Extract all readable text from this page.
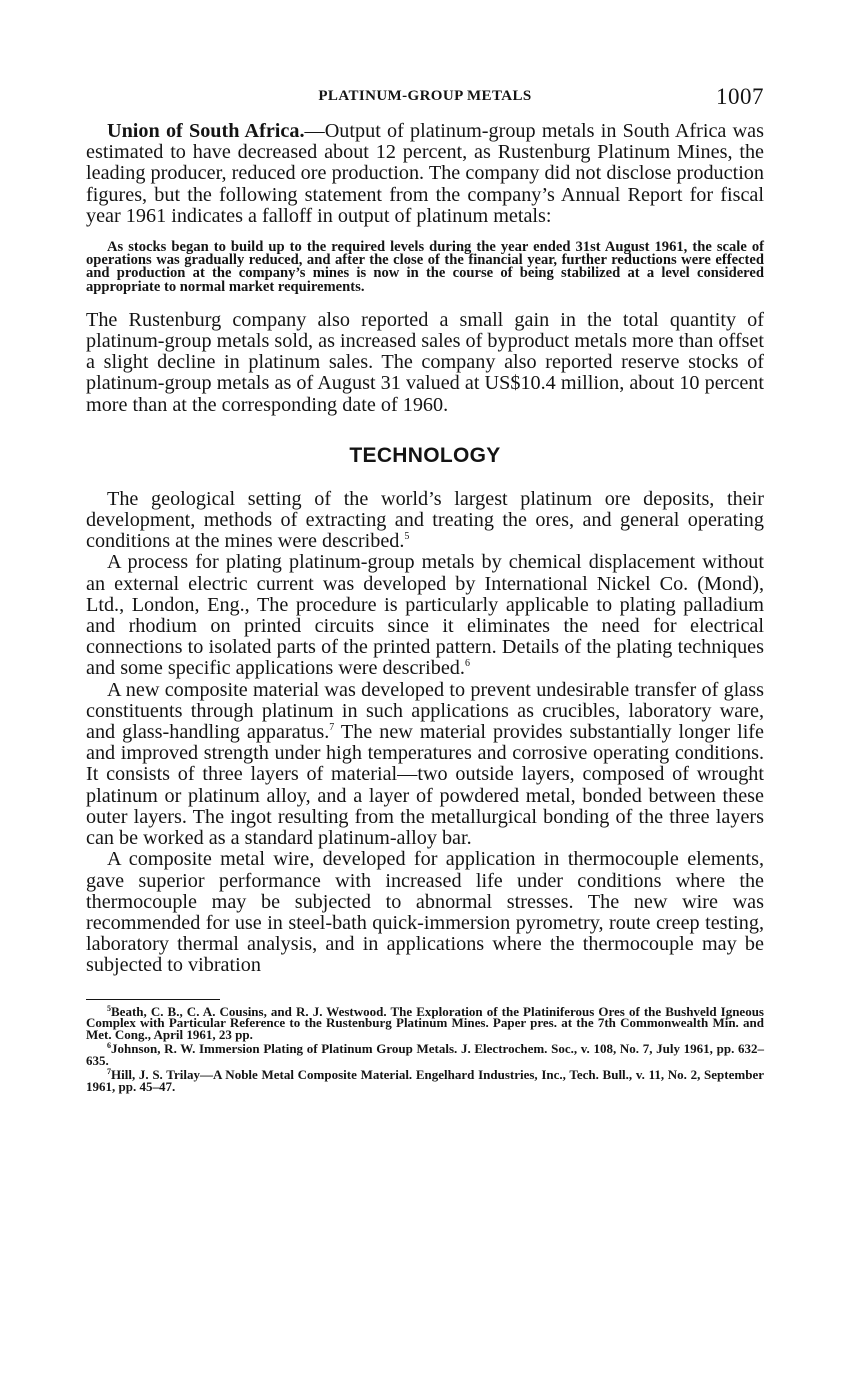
PLATINUM-GROUP METALS	1007

Union of South Africa.—Output of platinum-group metals in South Africa was estimated to have decreased about 12 percent, as Rustenburg Platinum Mines, the leading producer, reduced ore production. The company did not disclose production figures, but the following statement from the company’s Annual Report for fiscal year 1961 indicates a falloff in output of platinum metals:

As stocks began to build up to the required levels during the year ended 31st August 1961, the scale of operations was gradually reduced, and after the close of the financial year, further reductions were effected and production at the company’s mines is now in the course of being stabilized at a level considered appropriate to normal market requirements.

The Rustenburg company also reported a small gain in the total quantity of platinum-group metals sold, as increased sales of byproduct metals more than offset a slight decline in platinum sales. The company also reported reserve stocks of platinum-group metals as of August 31 valued at US$10.4 million, about 10 percent more than at the corresponding date of 1960.

TECHNOLOGY

The geological setting of the world’s largest platinum ore deposits, their development, methods of extracting and treating the ores, and general operating conditions at the mines were described.$^5$

A process for plating platinum-group metals by chemical displacement without an external electric current was developed by International Nickel Co. (Mond), Ltd., London, Eng., The procedure is particularly applicable to plating palladium and rhodium on printed circuits since it eliminates the need for electrical connections to isolated parts of the printed pattern. Details of the plating techniques and some specific applications were described.$^6$

A new composite material was developed to prevent undesirable transfer of glass constituents through platinum in such applications as crucibles, laboratory ware, and glass-handling apparatus.$^7$ The new material provides substantially longer life and improved strength under high temperatures and corrosive operating conditions. It consists of three layers of material—two outside layers, composed of wrought platinum or platinum alloy, and a layer of powdered metal, bonded between these outer layers. The ingot resulting from the metallurgical bonding of the three layers can be worked as a standard platinum-alloy bar.

A composite metal wire, developed for application in thermocouple elements, gave superior performance with increased life under conditions where the thermocouple may be subjected to abnormal stresses. The new wire was recommended for use in steel-bath quick-immersion pyrometry, route creep testing, laboratory thermal analysis, and in applications where the thermocouple may be subjected to vibration

$^5$Beath, C. B., C. A. Cousins, and R. J. Westwood. The Exploration of the Platiniferous Ores of the Bushveld Igneous Complex with Particular Reference to the Rustenburg Platinum Mines. Paper pres. at the 7th Commonwealth Min. and Met. Cong., April 1961, 23 pp.

$^6$Johnson, R. W. Immersion Plating of Platinum Group Metals. J. Electrochem. Soc., v. 108, No. 7, July 1961, pp. 632–635.

$^7$Hill, J. S. Trilay—A Noble Metal Composite Material. Engelhard Industries, Inc., Tech. Bull., v. 11, No. 2, September 1961, pp. 45–47.
